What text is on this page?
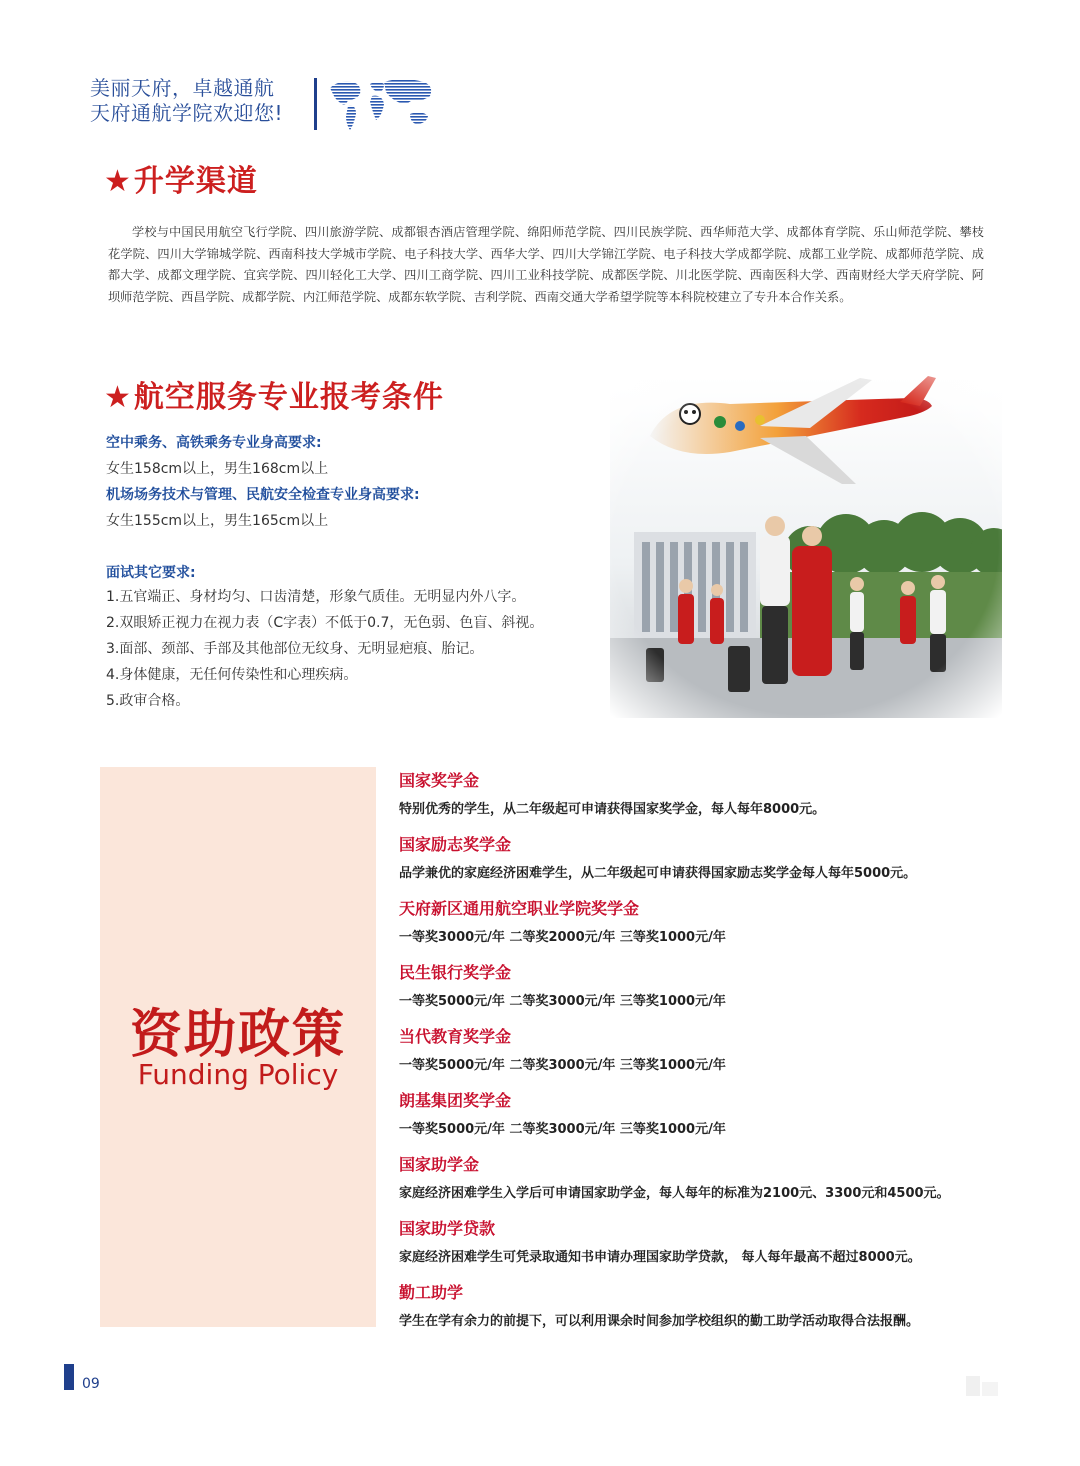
美丽天府，卓越通航
天府通航学院欢迎您!
★升学渠道
学校与中国民用航空飞行学院、四川旅游学院、成都银杏酒店管理学院、绵阳师范学院、四川民族学院、西华师范大学、成都体育学院、乐山师范学院、攀枝花学院、四川大学锦城学院、西南科技大学城市学院、电子科技大学、西华大学、四川大学锦江学院、电子科技大学成都学院、成都工业学院、成都师范学院、成都大学、成都文理学院、宜宾学院、四川轻化工大学、四川工商学院、四川工业科技学院、成都医学院、川北医学院、西南医科大学、西南财经大学天府学院、阿坝师范学院、西昌学院、成都学院、内江师范学院、成都东软学院、吉利学院、西南交通大学希望学院等本科院校建立了专升本合作关系。
★航空服务专业报考条件
空中乘务、高铁乘务专业身高要求:
女生158cm以上，男生168cm以上
机场场务技术与管理、民航安全检查专业身高要求:
女生155cm以上，男生165cm以上
面试其它要求:
1.五官端正、身材均匀、口齿清楚，形象气质佳。无明显内外八字。
2.双眼矫正视力在视力表（C字表）不低于0.7，无色弱、色盲、斜视。
3.面部、颈部、手部及其他部位无纹身、无明显疤痕、胎记。
4.身体健康，无任何传染性和心理疾病。
5.政审合格。
资助政策
Funding Policy
国家奖学金
特别优秀的学生，从二年级起可申请获得国家奖学金，每人每年8000元。
国家励志奖学金
品学兼优的家庭经济困难学生，从二年级起可申请获得国家励志奖学金每人每年5000元。
天府新区通用航空职业学院奖学金
一等奖3000元/年 二等奖2000元/年 三等奖1000元/年
民生银行奖学金
一等奖5000元/年 二等奖3000元/年 三等奖1000元/年
当代教育奖学金
一等奖5000元/年 二等奖3000元/年 三等奖1000元/年
朗基集团奖学金
一等奖5000元/年 二等奖3000元/年 三等奖1000元/年
国家助学金
家庭经济困难学生入学后可申请国家助学金，每人每年的标准为2100元、3300元和4500元。
国家助学贷款
家庭经济困难学生可凭录取通知书申请办理国家助学贷款， 每人每年最高不超过8000元。
勤工助学
学生在学有余力的前提下，可以利用课余时间参加学校组织的勤工助学活动取得合法报酬。
09
